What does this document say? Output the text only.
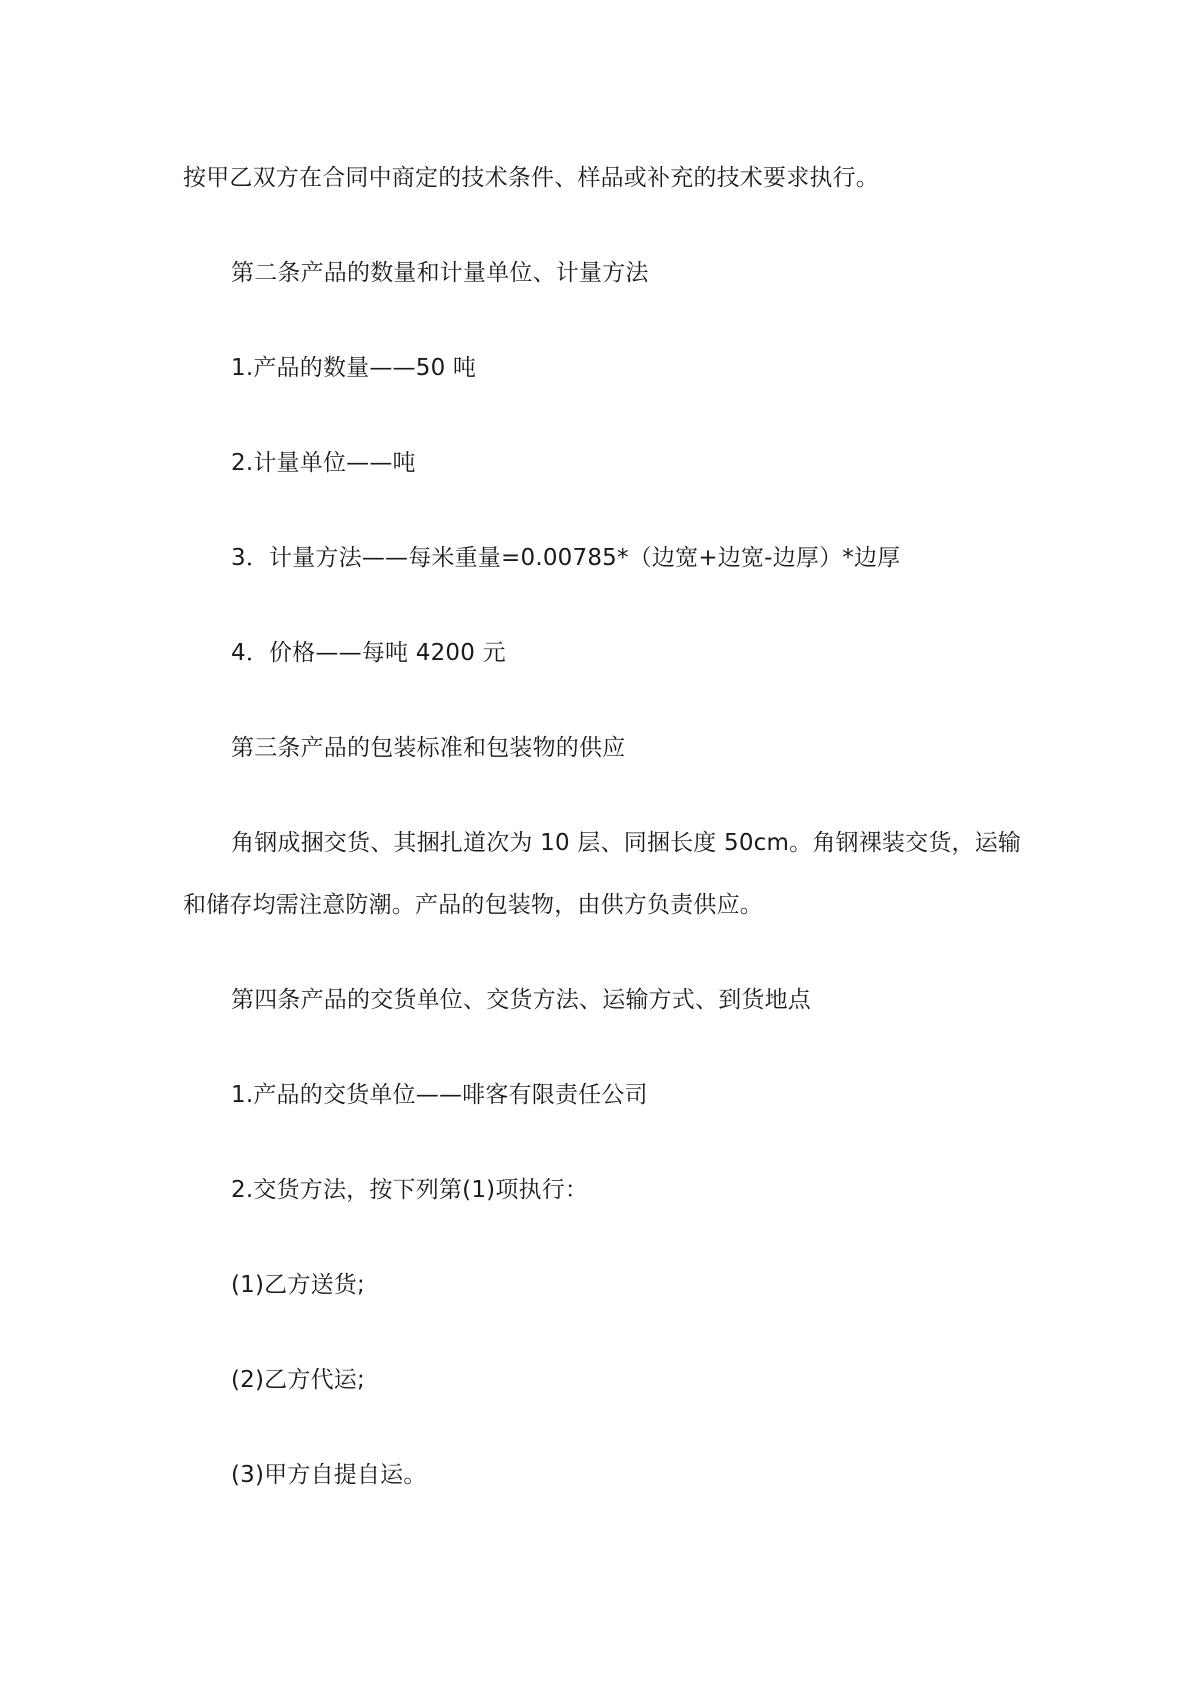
按甲乙双方在合同中商定的技术条件、样品或补充的技术要求执行。
第二条产品的数量和计量单位、计量方法
1.产品的数量——50 吨
2.计量单位——吨
3．计量方法——每米重量=0.00785*（边宽+边宽-边厚）*边厚
4．价格——每吨 4200 元
第三条产品的包装标准和包装物的供应
角钢成捆交货、其捆扎道次为 10 层、同捆长度 50cm。角钢裸装交货，运输
和储存均需注意防潮。产品的包装物，由供方负责供应。
第四条产品的交货单位、交货方法、运输方式、到货地点
1.产品的交货单位——啡客有限责任公司
2.交货方法，按下列第(1)项执行：
(1)乙方送货;
(2)乙方代运;
(3)甲方自提自运。
